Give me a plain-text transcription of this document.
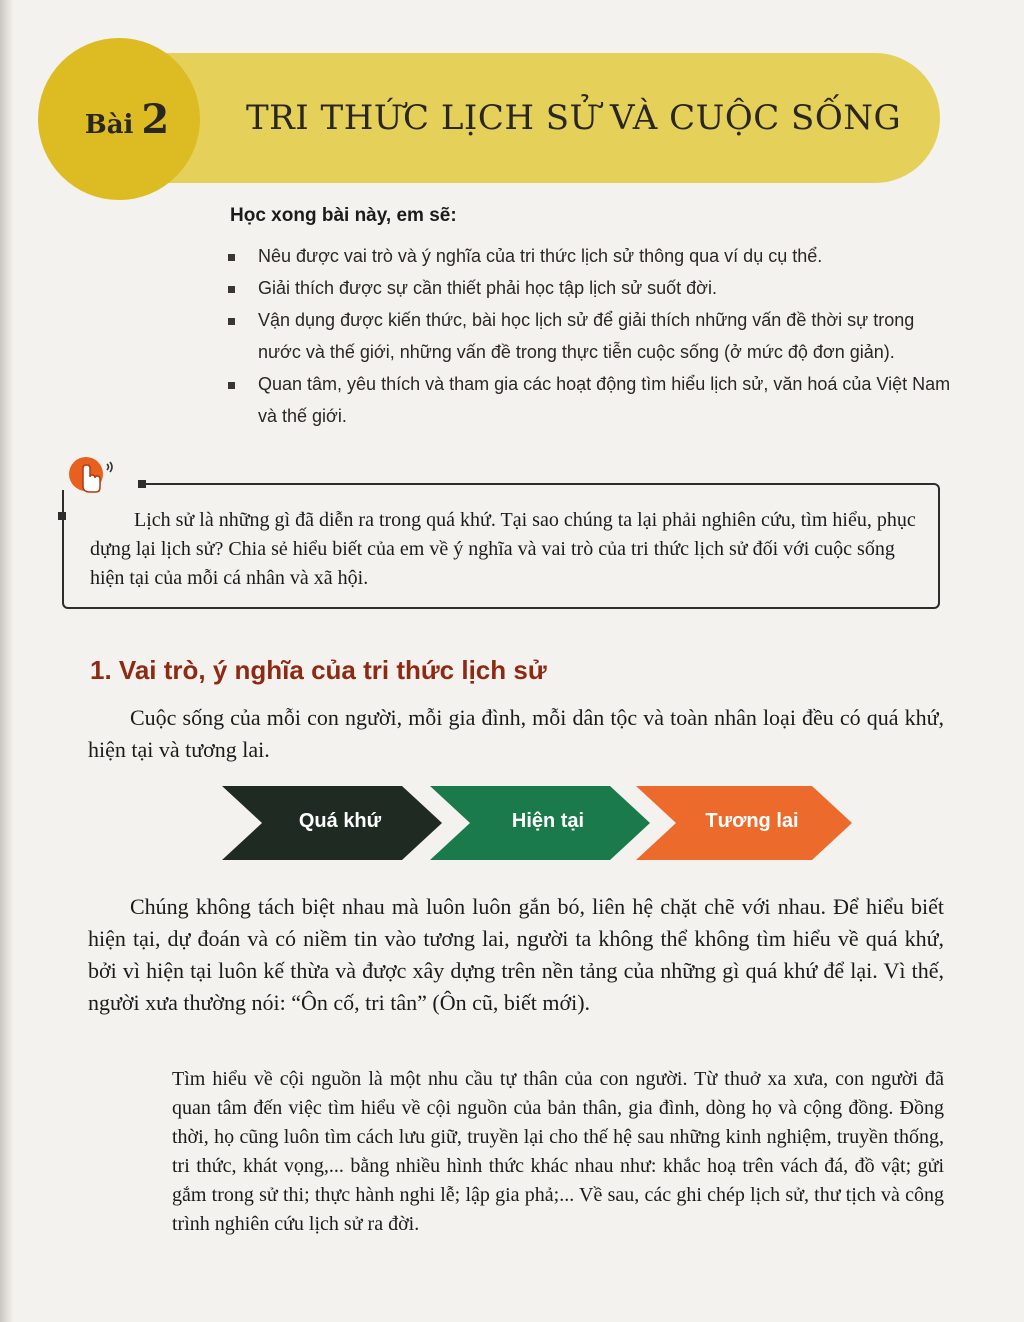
Bài 2 TRI THỨC LỊCH SỬ VÀ CUỘC SỐNG
Học xong bài này, em sẽ:
Nêu được vai trò và ý nghĩa của tri thức lịch sử thông qua ví dụ cụ thể.
Giải thích được sự cần thiết phải học tập lịch sử suốt đời.
Vận dụng được kiến thức, bài học lịch sử để giải thích những vấn đề thời sự trong nước và thế giới, những vấn đề trong thực tiễn cuộc sống (ở mức độ đơn giản).
Quan tâm, yêu thích và tham gia các hoạt động tìm hiểu lịch sử, văn hoá của Việt Nam và thế giới.

Lịch sử là những gì đã diễn ra trong quá khứ. Tại sao chúng ta lại phải nghiên cứu, tìm hiểu, phục dựng lại lịch sử? Chia sẻ hiểu biết của em về ý nghĩa và vai trò của tri thức lịch sử đối với cuộc sống hiện tại của mỗi cá nhân và xã hội.

1. Vai trò, ý nghĩa của tri thức lịch sử

Cuộc sống của mỗi con người, mỗi gia đình, mỗi dân tộc và toàn nhân loại đều có quá khứ, hiện tại và tương lai.

Quá khứ	Hiện tại	Tương lai

Chúng không tách biệt nhau mà luôn luôn gắn bó, liên hệ chặt chẽ với nhau. Để hiểu biết hiện tại, dự đoán và có niềm tin vào tương lai, người ta không thể không tìm hiểu về quá khứ, bởi vì hiện tại luôn kế thừa và được xây dựng trên nền tảng của những gì quá khứ để lại. Vì thế, người xưa thường nói: “Ôn cố, tri tân” (Ôn cũ, biết mới).

Tìm hiểu về cội nguồn là một nhu cầu tự thân của con người. Từ thuở xa xưa, con người đã quan tâm đến việc tìm hiểu về cội nguồn của bản thân, gia đình, dòng họ và cộng đồng. Đồng thời, họ cũng luôn tìm cách lưu giữ, truyền lại cho thế hệ sau những kinh nghiệm, truyền thống, tri thức, khát vọng,... bằng nhiều hình thức khác nhau như: khắc hoạ trên vách đá, đồ vật; gửi gắm trong sử thi; thực hành nghi lễ; lập gia phả;... Về sau, các ghi chép lịch sử, thư tịch và công trình nghiên cứu lịch sử ra đời.
